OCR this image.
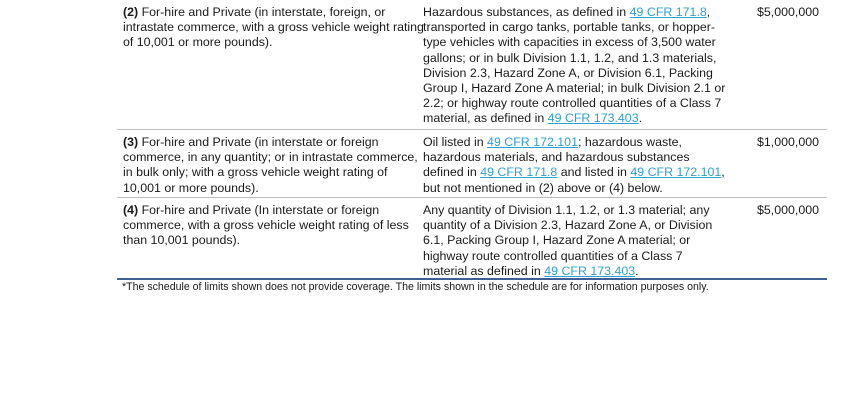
(2) For-hire and Private (in interstate, foreign, or
intrastate commerce, with a gross vehicle weight rating
of 10,001 or more pounds).
Hazardous substances, as defined in 49 CFR 171.8,
transported in cargo tanks, portable tanks, or hopper-
type vehicles with capacities in excess of 3,500 water
gallons; or in bulk Division 1.1, 1.2, and 1.3 materials,
Division 2.3, Hazard Zone A, or Division 6.1, Packing
Group I, Hazard Zone A material; in bulk Division 2.1 or
2.2; or highway route controlled quantities of a Class 7
material, as defined in 49 CFR 173.403.
$5,000,000
(3) For-hire and Private (in interstate or foreign
commerce, in any quantity; or in intrastate commerce,
in bulk only; with a gross vehicle weight rating of
10,001 or more pounds).
Oil listed in 49 CFR 172.101; hazardous waste,
hazardous materials, and hazardous substances
defined in 49 CFR 171.8 and listed in 49 CFR 172.101,
but not mentioned in (2) above or (4) below.
$1,000,000
(4) For-hire and Private (In interstate or foreign
commerce, with a gross vehicle weight rating of less
than 10,001 pounds).
Any quantity of Division 1.1, 1.2, or 1.3 material; any
quantity of a Division 2.3, Hazard Zone A, or Division
6.1, Packing Group I, Hazard Zone A material; or
highway route controlled quantities of a Class 7
material as defined in 49 CFR 173.403.
$5,000,000
*The schedule of limits shown does not provide coverage. The limits shown in the schedule are for information purposes only.
